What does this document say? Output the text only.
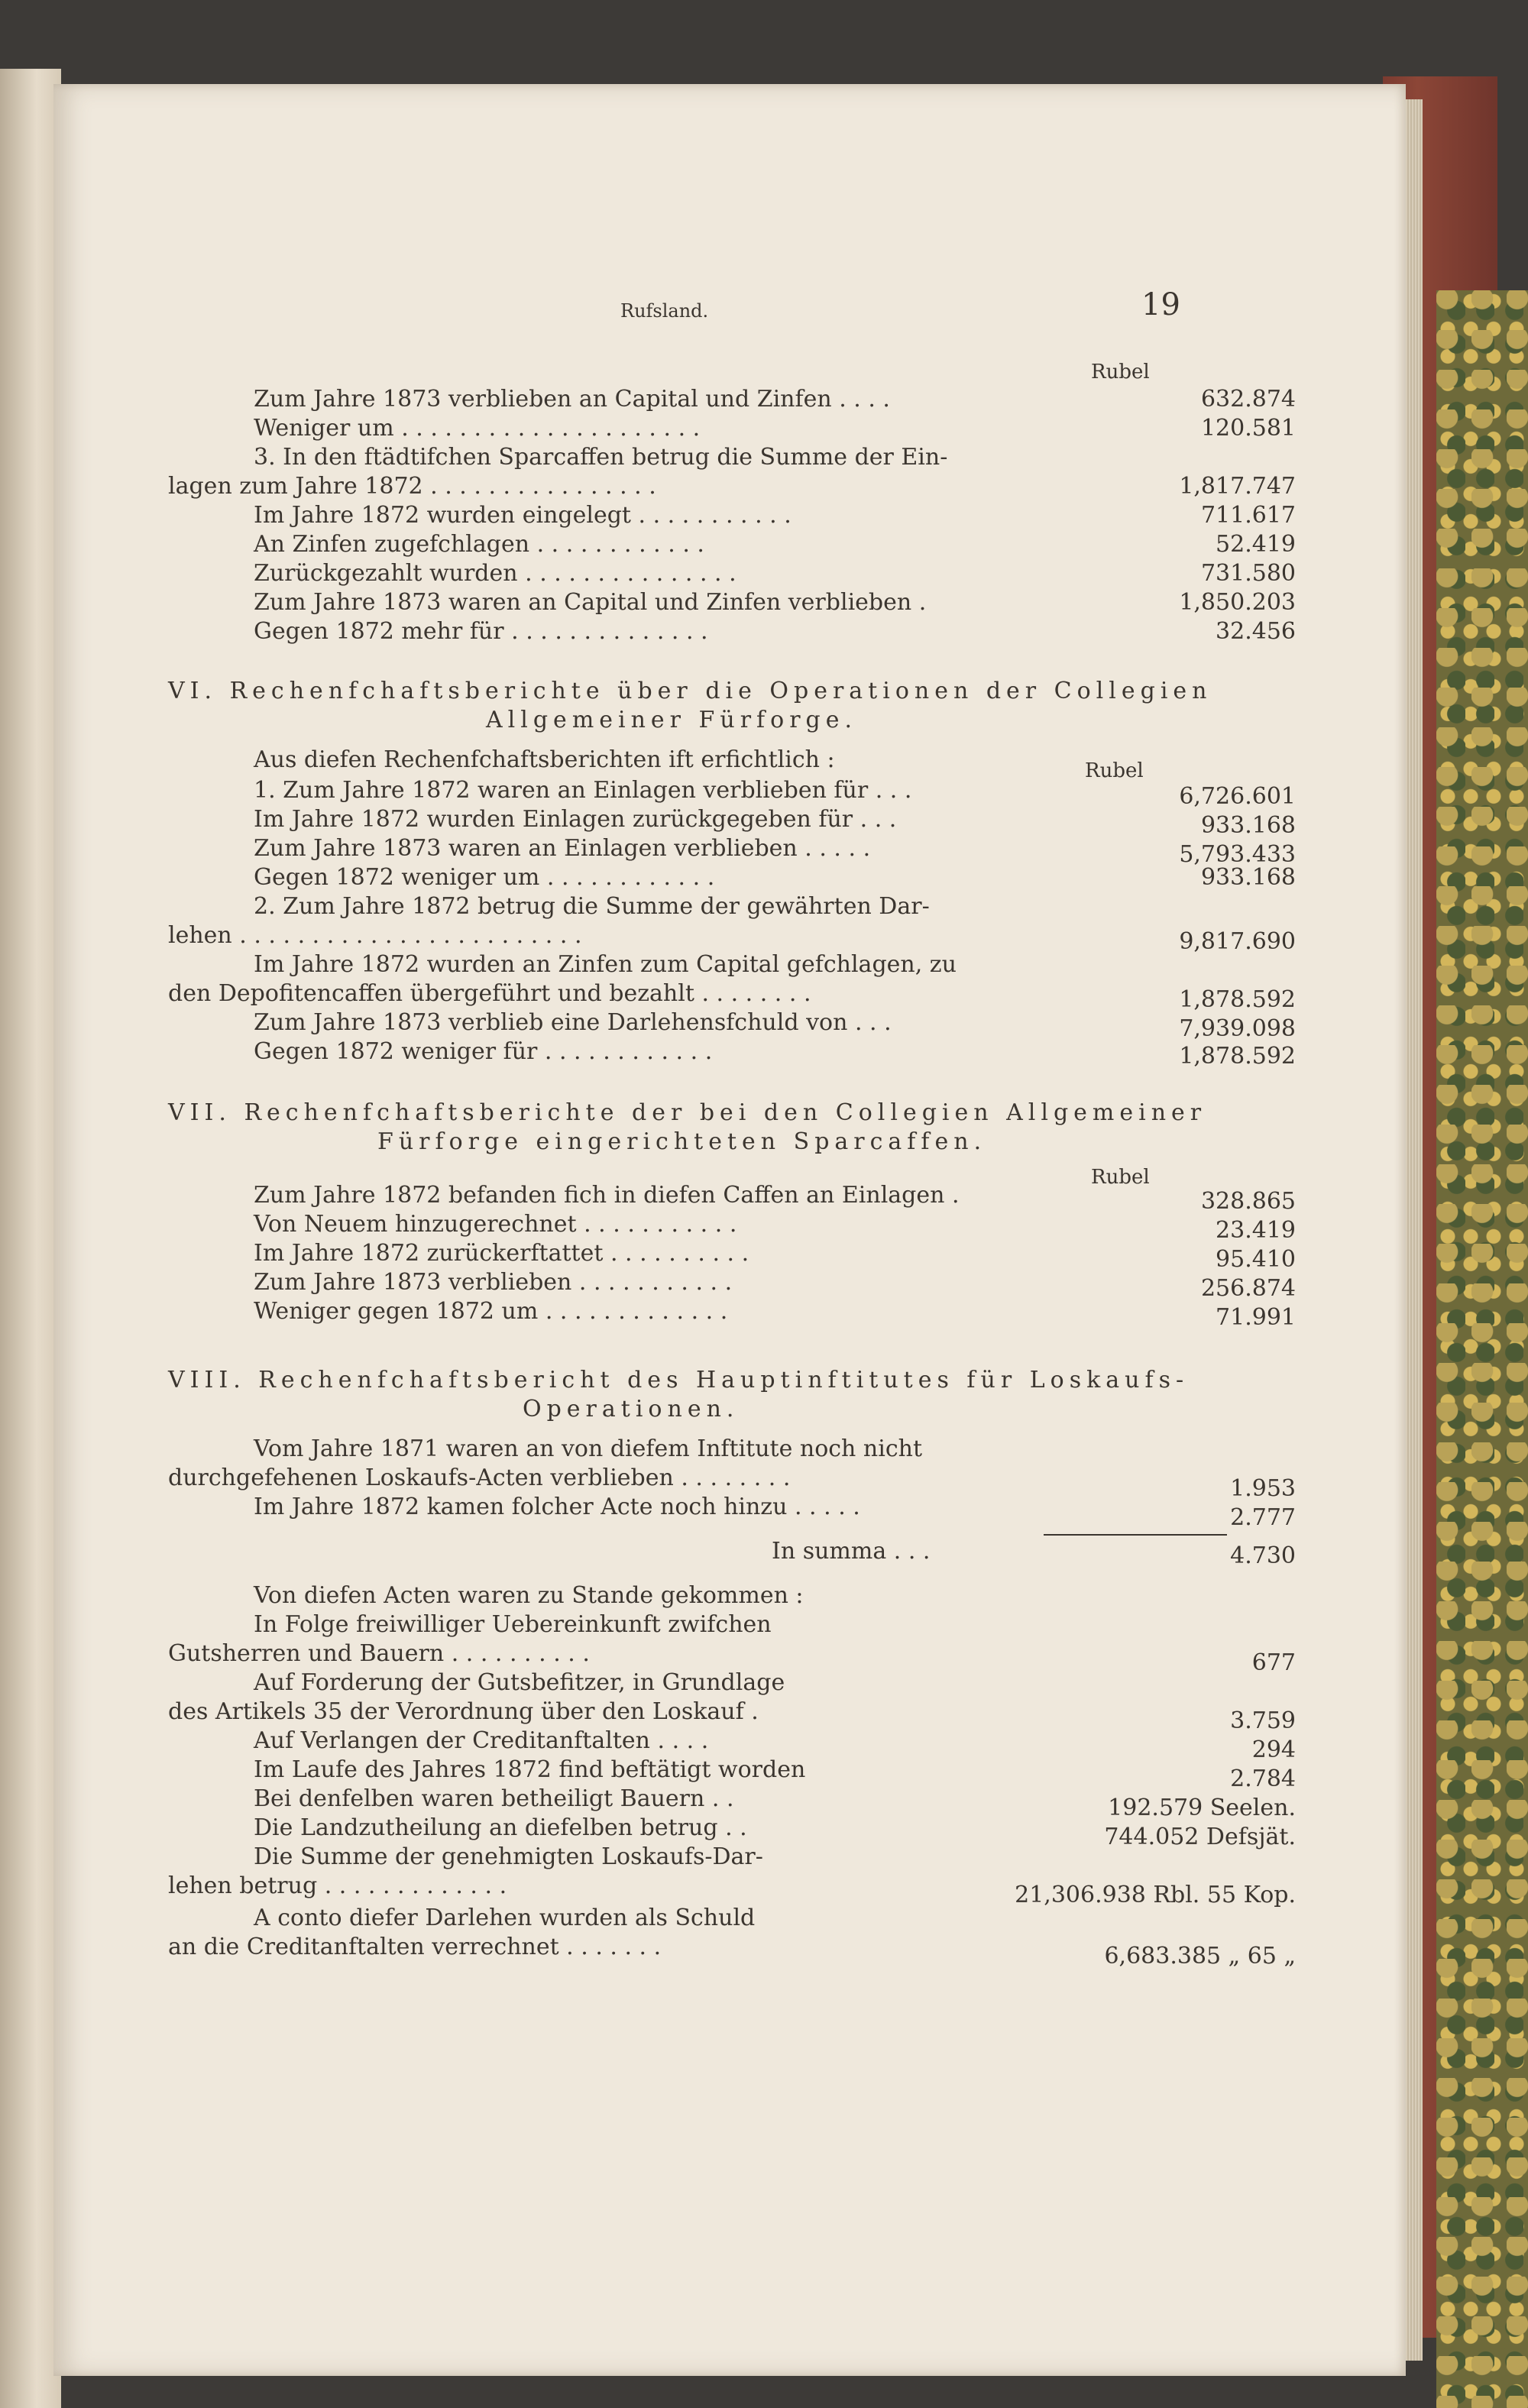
Rufsland.	19
Rubel
Zum Jahre 1873 verblieben an Capital und Zinfen . . . .	632.874
Weniger um . . . . . . . . . . . . . . . . . . . . .	120.581
3. In den ftädtifchen Sparcaffen betrug die Summe der Ein-
lagen zum Jahre 1872 . . . . . . . . . . . . . . . .	1,817.747
Im Jahre 1872 wurden eingelegt . . . . . . . . . . .	711.617
An Zinfen zugefchlagen . . . . . . . . . . . .	52.419
Zurückgezahlt wurden . . . . . . . . . . . . . . .	731.580
Zum Jahre 1873 waren an Capital und Zinfen verblieben .	1,850.203
Gegen 1872 mehr für . . . . . . . . . . . . . .	32.456
VI. Rechenfchaftsberichte über die Operationen der Collegien
Allgemeiner Fürforge.
Aus diefen Rechenfchaftsberichten ift erfichtlich :	Rubel
1. Zum Jahre 1872 waren an Einlagen verblieben für . . .	6,726.601
Im Jahre 1872 wurden Einlagen zurückgegeben für . . .	933.168
Zum Jahre 1873 waren an Einlagen verblieben . . . . .	5,793.433
Gegen 1872 weniger um . . . . . . . . . . . .	933.168
2. Zum Jahre 1872 betrug die Summe der gewährten Dar-
lehen . . . . . . . . . . . . . . . . . . . . . . . .	9,817.690
Im Jahre 1872 wurden an Zinfen zum Capital gefchlagen, zu
den Depofitencaffen übergeführt und bezahlt . . . . . . . .	1,878.592
Zum Jahre 1873 verblieb eine Darlehensfchuld von . . .	7,939.098
Gegen 1872 weniger für . . . . . . . . . . . .	1,878.592
VII. Rechenfchaftsberichte der bei den Collegien Allgemeiner
Fürforge eingerichteten Sparcaffen.
Rubel
Zum Jahre 1872 befanden fich in diefen Caffen an Einlagen .	328.865
Von Neuem hinzugerechnet . . . . . . . . . . .	23.419
Im Jahre 1872 zurückerftattet . . . . . . . . . .	95.410
Zum Jahre 1873 verblieben . . . . . . . . . . .	256.874
Weniger gegen 1872 um . . . . . . . . . . . . .	71.991
VIII. Rechenfchaftsbericht des Hauptinftitutes für Loskaufs-
Operationen.
Vom Jahre 1871 waren an von diefem Inftitute noch nicht
durchgefehenen Loskaufs-Acten verblieben . . . . . . . .	1.953
Im Jahre 1872 kamen folcher Acte noch hinzu . . . . .	2.777
In summa . . .	4.730
Von diefen Acten waren zu Stande gekommen :
In Folge freiwilliger Uebereinkunft zwifchen
Gutsherren und Bauern . . . . . . . . . .	677
Auf Forderung der Gutsbefitzer, in Grundlage
des Artikels 35 der Verordnung über den Loskauf .	3.759
Auf Verlangen der Creditanftalten . . . .	294
Im Laufe des Jahres 1872 find beftätigt worden	2.784
Bei denfelben waren betheiligt Bauern . .	192.579 Seelen.
Die Landzutheilung an diefelben betrug . .	744.052 Defsjät.
Die Summe der genehmigten Loskaufs-Dar-
lehen betrug . . . . . . . . . . . . .	21,306.938 Rbl. 55 Kop.
A conto diefer Darlehen wurden als Schuld
an die Creditanftalten verrechnet . . . . . . .	6,683.385 „ 65 „
